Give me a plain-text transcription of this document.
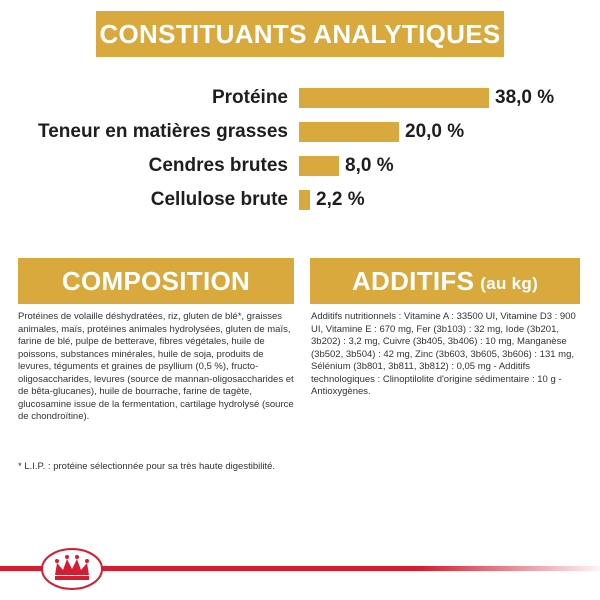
CONSTITUANTS ANALYTIQUES
Protéine	38,0 %
Teneur en matières grasses	20,0 %
Cendres brutes	8,0 %
Cellulose brute 2,2 %
COMPOSITION	ADDITIFS (au kg)
Protéines de volaille déshydratées, riz, gluten de blé*, graisses animales, maïs, protéines animales hydrolysées, gluten de maïs, farine de blé, pulpe de betterave, fibres végétales, huile de poissons, substances minérales, huile de soja, produits de levures, téguments et graines de psyllium (0,5 %), fructo-oligosaccharides, levures (source de mannan-oligosaccharides et de bêta-glucanes), huile de bourrache, farine de tagète, glucosamine issue de la fermentation, cartilage hydrolysé (source de chondroïtine).
* L.I.P. : protéine sélectionnée pour sa très haute digestibilité.
Additifs nutritionnels : Vitamine A : 33500 UI, Vitamine D3 : 900 UI, Vitamine E : 670 mg, Fer (3b103) : 32 mg, Iode (3b201, 3b202) : 3,2 mg, Cuivre (3b405, 3b406) : 10 mg, Manganèse (3b502, 3b504) : 42 mg, Zinc (3b603, 3b605, 3b606) : 131 mg, Sélénium (3b801, 3b811, 3b812) : 0,05 mg - Additifs technologiques : Clinoptilolite d'origine sédimentaire : 10 g - Antioxygènes.
